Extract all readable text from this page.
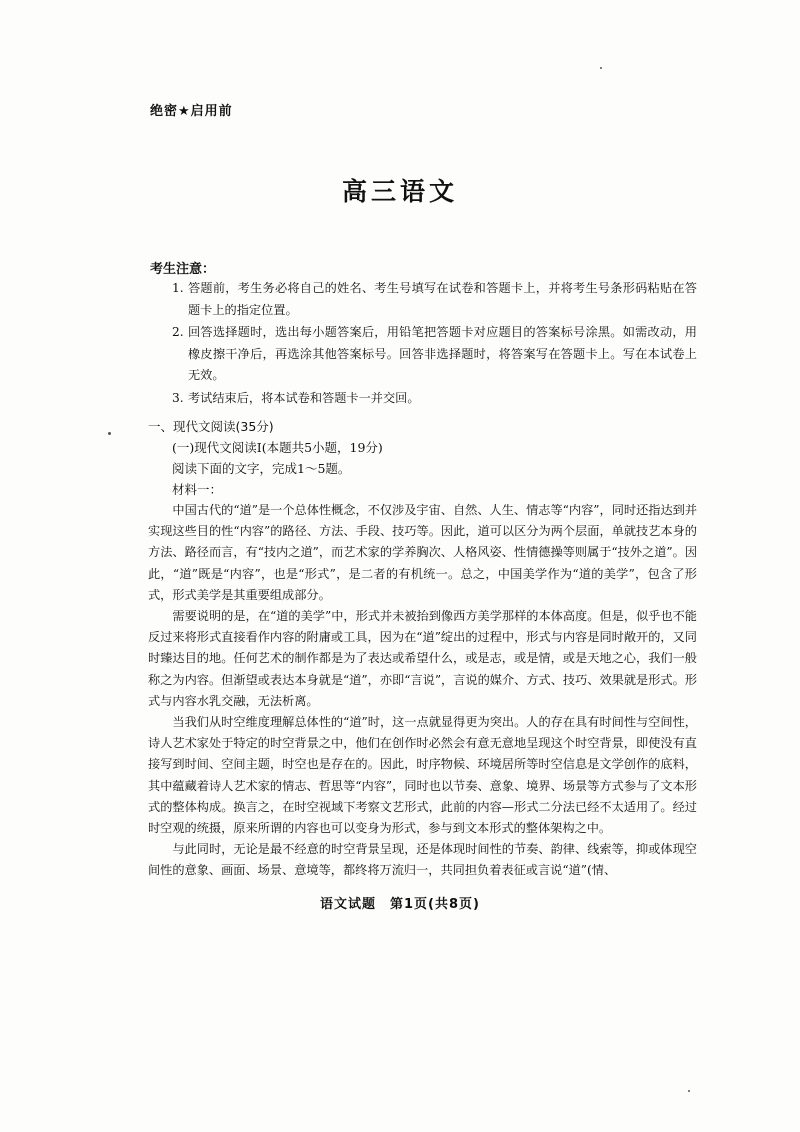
绝密★启用前
高三语文
考生注意：
1. 答题前，考生务必将自己的姓名、考生号填写在试卷和答题卡上，并将考生号条形码粘贴在答题卡上的指定位置。
2. 回答选择题时，选出每小题答案后，用铅笔把答题卡对应题目的答案标号涂黑。如需改动，用橡皮擦干净后，再选涂其他答案标号。回答非选择题时，将答案写在答题卡上。写在本试卷上无效。
3. 考试结束后，将本试卷和答题卡一并交回。
一、现代文阅读(35分)
(一)现代文阅读Ⅰ(本题共5小题，19分)
阅读下面的文字，完成1～5题。
材料一：

中国古代的“道”是一个总体性概念，不仅涉及宇宙、自然、人生、情志等“内容”，同时还指达到并实现这些目的性“内容”的路径、方法、手段、技巧等。因此，道可以区分为两个层面，单就技艺本身的方法、路径而言，有“技内之道”，而艺术家的学养胸次、人格风姿、性情德操等则属于“技外之道”。因此，“道”既是“内容”，也是“形式”，是二者的有机统一。总之，中国美学作为“道的美学”，包含了形式，形式美学是其重要组成部分。

需要说明的是，在“道的美学”中，形式并未被抬到像西方美学那样的本体高度。但是，似乎也不能反过来将形式直接看作内容的附庸或工具，因为在“道”绽出的过程中，形式与内容是同时敞开的，又同时臻达目的地。任何艺术的制作都是为了表达或希望什么，或是志，或是情，或是天地之心，我们一般称之为内容。但渐望或表达本身就是“道”，亦即“言说”，言说的媒介、方式、技巧、效果就是形式。形式与内容水乳交融，无法析离。

当我们从时空维度理解总体性的“道”时，这一点就显得更为突出。人的存在具有时间性与空间性，诗人艺术家处于特定的时空背景之中，他们在创作时必然会有意无意地呈现这个时空背景，即使没有直接写到时间、空间主题，时空也是存在的。因此，时序物候、环境居所等时空信息是文学创作的底料，其中蕴藏着诗人艺术家的情志、哲思等“内容”，同时也以节奏、意象、境界、场景等方式参与了文本形式的整体构成。换言之，在时空视域下考察文艺形式，此前的内容—形式二分法已经不太适用了。经过时空观的统摄，原来所谓的内容也可以变身为形式，参与到文本形式的整体架构之中。

与此同时，无论是最不经意的时空背景呈现，还是体现时间性的节奏、韵律、线索等，抑或体现空间性的意象、画面、场景、意境等，都终将万流归一，共同担负着表征或言说“道”(情、

语文试题　第1页(共8页)
